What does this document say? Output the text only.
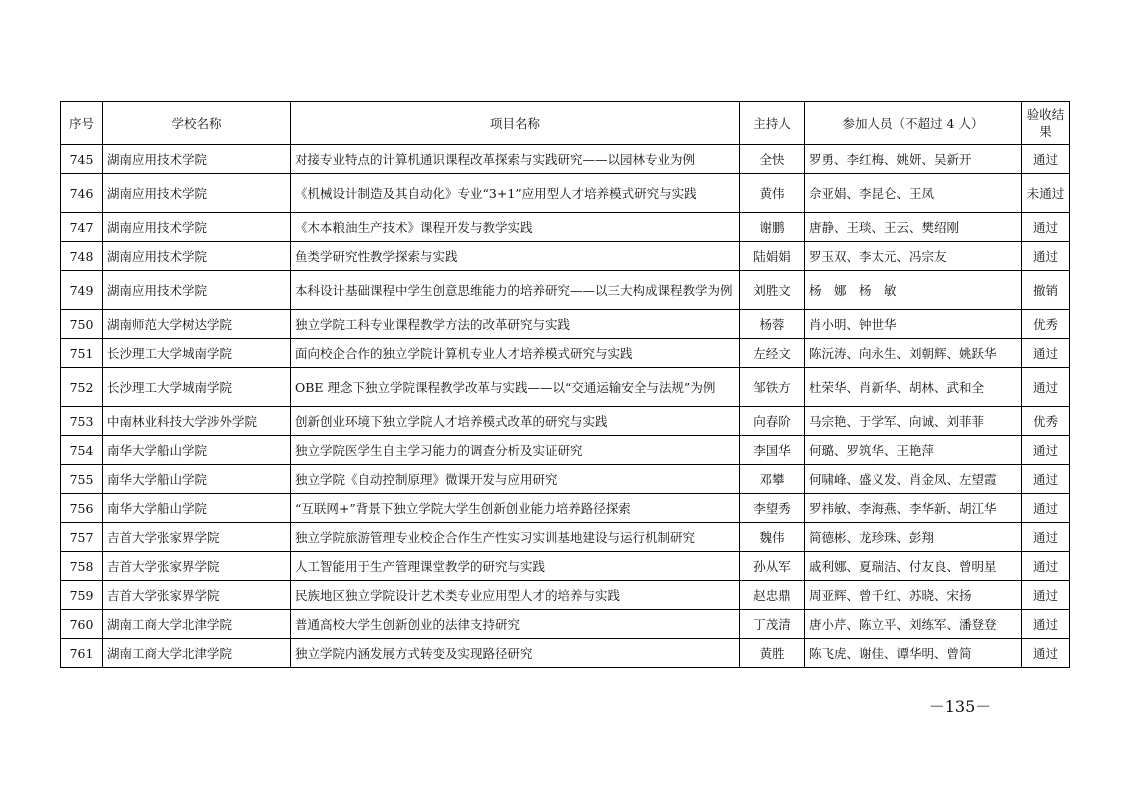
序号	学校名称	项目名称	主持人	参加人员（不超过 4 人）	验收结果
745	湖南应用技术学院	对接专业特点的计算机通识课程改革探索与实践研究——以园林专业为例	全快	罗勇、李红梅、姚妍、吴新开	通过
746	湖南应用技术学院	《机械设计制造及其自动化》专业“3+1”应用型人才培养模式研究与实践	黄伟	佘亚娟、李昆仑、王凤	未通过
747	湖南应用技术学院	《木本粮油生产技术》课程开发与教学实践	谢鹏	唐静、王琰、王云、樊绍刚	通过
748	湖南应用技术学院	鱼类学研究性教学探索与实践	陆娟娟	罗玉双、李太元、冯宗友	通过
749	湖南应用技术学院	本科设计基础课程中学生创意思维能力的培养研究——以三大构成课程教学为例	刘胜文	杨　娜　杨　敏	撤销
750	湖南师范大学树达学院	独立学院工科专业课程教学方法的改革研究与实践	杨蓉	肖小明、钟世华	优秀
751	长沙理工大学城南学院	面向校企合作的独立学院计算机专业人才培养模式研究与实践	左经文	陈沅涛、向永生、刘朝辉、姚跃华	通过
752	长沙理工大学城南学院	OBE 理念下独立学院课程教学改革与实践——以“交通运输安全与法规”为例	邹铁方	杜荣华、肖新华、胡林、武和全	通过
753	中南林业科技大学涉外学院	创新创业环境下独立学院人才培养模式改革的研究与实践	向春阶	马宗艳、于学军、向诚、刘菲菲	优秀
754	南华大学船山学院	独立学院医学生自主学习能力的调查分析及实证研究	李国华	何璐、罗筑华、王艳萍	通过
755	南华大学船山学院	独立学院《自动控制原理》微课开发与应用研究	邓攀	何啸峰、盛义发、肖金凤、左望霞	通过
756	南华大学船山学院	“互联网+”背景下独立学院大学生创新创业能力培养路径探索	李望秀	罗祎敏、李海燕、李华新、胡江华	通过
757	吉首大学张家界学院	独立学院旅游管理专业校企合作生产性实习实训基地建设与运行机制研究	魏伟	简德彬、龙珍珠、彭翔	通过
758	吉首大学张家界学院	人工智能用于生产管理课堂教学的研究与实践	孙从军	戚利娜、夏瑞洁、付友良、曾明星	通过
759	吉首大学张家界学院	民族地区独立学院设计艺术类专业应用型人才的培养与实践	赵忠鼎	周亚辉、曾千红、苏晓、宋扬	通过
760	湖南工商大学北津学院	普通高校大学生创新创业的法律支持研究	丁茂清	唐小芹、陈立平、刘练军、潘登登	通过
761	湖南工商大学北津学院	独立学院内涵发展方式转变及实现路径研究	黄胜	陈飞虎、谢佳、谭华明、曾简	通过
－135－
